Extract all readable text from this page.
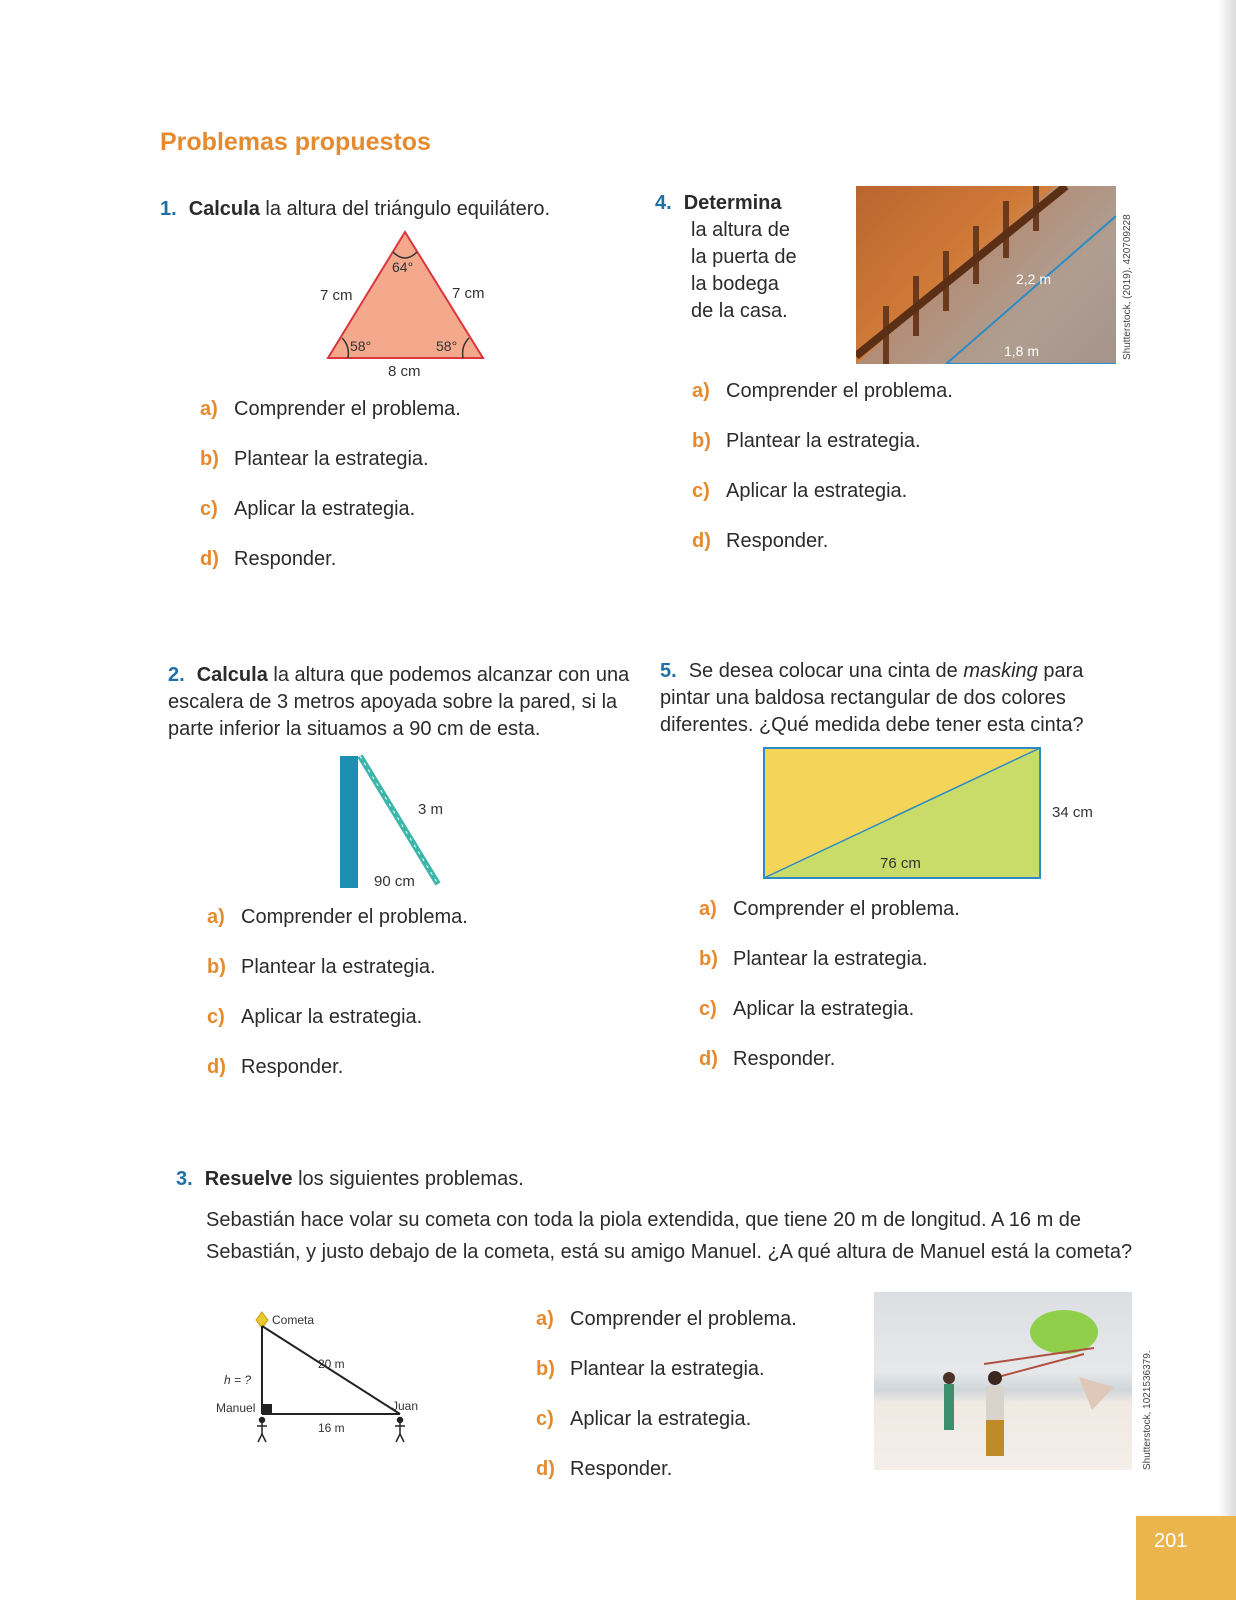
Problemas propuestos
1. Calcula la altura del triángulo equilátero.
64°
58°	58°
7 cm	7 cm
8 cm
a) Comprender el problema.
b) Plantear la estrategia.
c) Aplicar la estrategia.
d) Responder.
4. Determina
la altura de la puerta de la bodega de la casa.
2,2 m
1,8 m	Shutterstock, (2019). 420709228
a) Comprender el problema.
b) Plantear la estrategia.
c) Aplicar la estrategia.
d) Responder.
2. Calcula la altura que podemos alcanzar con una escalera de 3 metros apoyada sobre la pared, si la parte inferior la situamos a 90 cm de esta.
3 m
90 cm
a) Comprender el problema.
b) Plantear la estrategia.
c) Aplicar la estrategia.
d) Responder.
5. Se desea colocar una cinta de masking para pintar una baldosa rectangular de dos colores diferentes. ¿Qué medida debe tener esta cinta?
76 cm
34 cm
a) Comprender el problema.
b) Plantear la estrategia.
c) Aplicar la estrategia.
d) Responder.
3. Resuelve los siguientes problemas.
Sebastián hace volar su cometa con toda la piola extendida, que tiene 20 m de longitud. A 16 m de Sebastián, y justo debajo de la cometa, está su amigo Manuel. ¿A qué altura de Manuel está la cometa?
Cometa
20 m
h = ?
Manuel	Juan
16 m
a) Comprender el problema.
b) Plantear la estrategia.
c) Aplicar la estrategia.
d) Responder.	Shutterstock, 1021536379.
201
